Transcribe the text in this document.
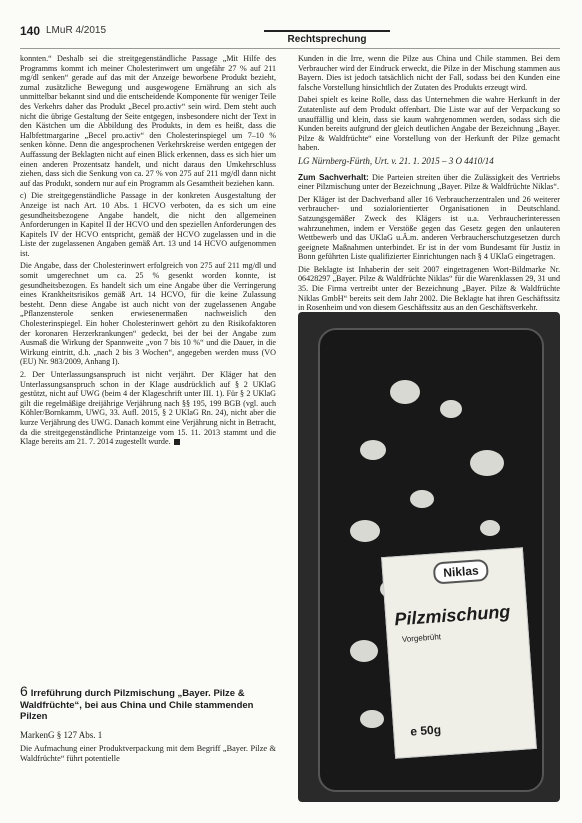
140 LMuR 4/2015
Rechtsprechung

konnten.“ Deshalb sei die streitgegenständliche Passage „Mit Hilfe des Programms kommt ich meiner Cholesterinwert um ungefähr 27 % auf 211 mg/dl senken“ gerade auf das mit der Anzeige beworbene Produkt bezieht, zumal zusätzliche Bewegung und ausgewogene Ernährung an sich als unmittelbar bekannt sind und die entscheidende Komponente für weniger Teile des Verkehrs daher das Produkt „Becel pro.activ“ sein wird. Dem steht auch nicht die übrige Gestaltung der Seite entgegen, insbesondere nicht der Text in den Kästchen um die Abbildung des Produkts, in dem es heißt, dass die Halbfettmargarine „Becel pro.activ“ den Cholesterinspiegel um 7–10 % senken könne. Denn die angesprochenen Verkehrskreise werden entgegen der Auffassung der Beklagten nicht auf einen Blick erkennen, dass es sich hier um einen anderen Prozentsatz handelt, und nicht daraus den Umkehrschluss ziehen, dass sich die Senkung von ca. 27 % von 275 auf 211 mg/dl dann nicht auf das Produkt, sondern nur auf ein Programm als Gesamtheit beziehen kann.

c) Die streitgegenständliche Passage in der konkreten Ausgestaltung der Anzeige ist nach Art. 10 Abs. 1 HCVO verboten, da es sich um eine gesundheitsbezogene Angabe handelt, die nicht den allgemeinen Anforderungen in Kapitel II der HCVO und den speziellen Anforderungen des Kapitels IV der HCVO entspricht, gemäß der HCVO zugelassen und in die Liste der zugelassenen Angaben gemäß Art. 13 und 14 HCVO aufgenommen ist.

Die Angabe, dass der Cholesterinwert erfolgreich von 275 auf 211 mg/dl und somit umgerechnet um ca. 25 % gesenkt worden konnte, ist gesundheitsbezogen. Es handelt sich um eine Angabe über die Verringerung eines Krankheitsrisikos gemäß Art. 14 HCVO, für die keine Zulassung besteht. Denn diese Angabe ist auch nicht von der zugelassenen Angabe „Pflanzensterole senken erwiesenermaßen nachweislich den Cholesterinspiegel. Ein hoher Cholesterinwert gehört zu den Risikofaktoren der koronaren Herzerkrankungen“ gedeckt, bei der bei der Angabe zum Ausmaß die Wirkung der Spannweite „von 7 bis 10 %“ und die Dauer, in die Wirkung eintritt, d.h. „nach 2 bis 3 Wochen“, angegeben werden muss (VO (EU) Nr. 983/2009, Anhang I).

2. Der Unterlassungsanspruch ist nicht verjährt. Der Kläger hat den Unterlassungsanspruch schon in der Klage ausdrücklich auf § 2 UKlaG gestützt, nicht auf UWG (beim 4 der Klageschrift unter III. 1). Für § 2 UKlaG gilt die regelmäßige dreijährige Verjährung nach §§ 195, 199 BGB (vgl. auch Köhler/Bornkamm, UWG, 33. Aufl. 2015, § 2 UKlaG Rn. 24), nicht aber die kurze Verjährung des UWG. Danach kommt eine Verjährung nicht in Betracht, da die streitgegenständliche Printanzeige vom 15. 11. 2013 stammt und die Klage bereits am 21. 7. 2014 zugestellt wurde.

6 Irreführung durch Pilzmischung „Bayer. Pilze & Waldfrüchte“, bei aus China und Chile stammenden Pilzen

MarkenG § 127 Abs. 1

Die Aufmachung einer Produktverpackung mit dem Begriff „Bayer. Pilze & Waldfrüchte“ führt potentielle

Kunden in die Irre, wenn die Pilze aus China und Chile stammen. Bei dem Verbraucher wird der Eindruck erweckt, die Pilze in der Mischung stammen aus Bayern. Dies ist jedoch tatsächlich nicht der Fall, sodass bei den Kunden eine falsche Vorstellung hinsichtlich der Zutaten des Produkts erzeugt wird.

Dabei spielt es keine Rolle, dass das Unternehmen die wahre Herkunft in der Zutatenliste auf dem Produkt offenbart. Die Liste war auf der Verpackung so unauffällig und klein, dass sie kaum wahrgenommen werden, sodass sich die Kunden bereits aufgrund der gleich deutlichen Angabe der Bezeichnung „Bayer. Pilze & Waldfrüchte“ eine Vorstellung von der Herkunft der Pilze gemacht haben.

LG Nürnberg-Fürth, Urt. v. 21. 1. 2015 – 3 O 4410/14

Zum Sachverhalt: Die Parteien streiten über die Zulässigkeit des Vertriebs einer Pilzmischung unter der Bezeichnung „Bayer. Pilze & Waldfrüchte Niklas“.

Der Kläger ist der Dachverband aller 16 Verbraucherzentralen und 26 weiterer verbraucher- und sozialorientierter Organisationen in Deutschland. Satzungsgemäßer Zweck des Klägers ist u.a. Verbraucherinteressen wahrzunehmen, indem er Verstöße gegen das Gesetz gegen den unlauteren Wettbewerb und das UKlaG u.Ä.m. anderen Verbraucherschutzgesetzen durch geeignete Maßnahmen unterbindet. Er ist in der vom Bundesamt für Justiz in Bonn geführten Liste qualifizierter Einrichtungen nach § 4 UKlaG eingetragen.

Die Beklagte ist Inhaberin der seit 2007 eingetragenen Wort-Bildmarke Nr. 06428297 „Bayer. Pilze & Waldfrüchte Niklas“ für die Warenklassen 29, 31 und 35. Die Firma vertreibt unter der Bezeichnung „Bayer. Pilze & Waldfrüchte Niklas GmbH“ bereits seit dem Jahr 2002. Die Beklagte hat ihren Geschäftssitz in Rosenheim und von diesem Geschäftssitz aus an den Geschäftsverkehr.

Niklas
Pilzmischung
Vorgebrüht
e 50g
